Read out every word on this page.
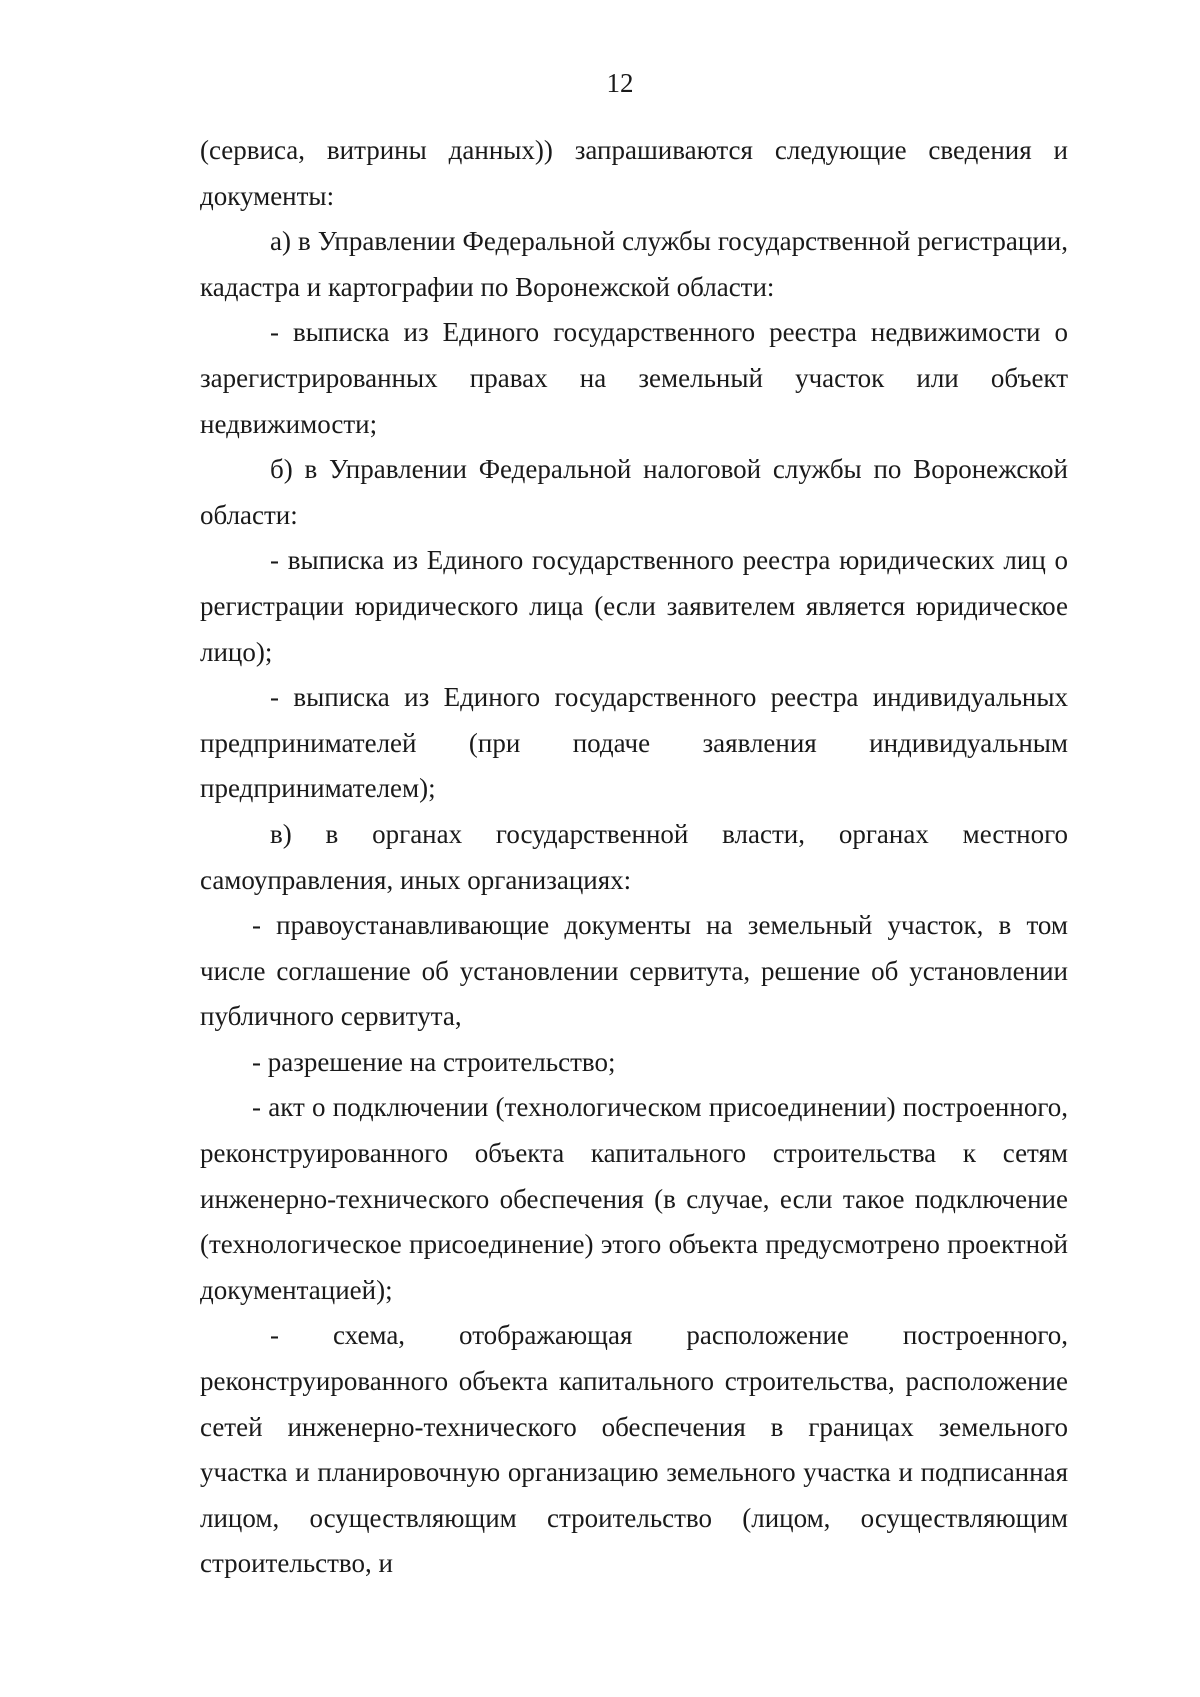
12

(сервиса, витрины данных)) запрашиваются следующие сведения и документы:

а) в Управлении Федеральной службы государственной регистрации, кадастра и картографии по Воронежской области:

- выписка из Единого государственного реестра недвижимости о зарегистрированных правах на земельный участок или объект недвижимости;

б) в Управлении Федеральной налоговой службы по Воронежской области:

- выписка из Единого государственного реестра юридических лиц о регистрации юридического лица (если заявителем является юридическое лицо);

- выписка из Единого государственного реестра индивидуальных предпринимателей (при подаче заявления индивидуальным предпринимателем);

в) в органах государственной власти, органах местного самоуправления, иных организациях:

- правоустанавливающие документы на земельный участок, в том числе соглашение об установлении сервитута, решение об установлении публичного сервитута,

- разрешение на строительство;

- акт о подключении (технологическом присоединении) построенного, реконструированного объекта капитального строительства к сетям инженерно-технического обеспечения (в случае, если такое подключение (технологическое присоединение) этого объекта предусмотрено проектной документацией);

- схема, отображающая расположение построенного, реконструированного объекта капитального строительства, расположение сетей инженерно-технического обеспечения в границах земельного участка и планировочную организацию земельного участка и подписанная лицом, осуществляющим строительство (лицом, осуществляющим строительство, и
